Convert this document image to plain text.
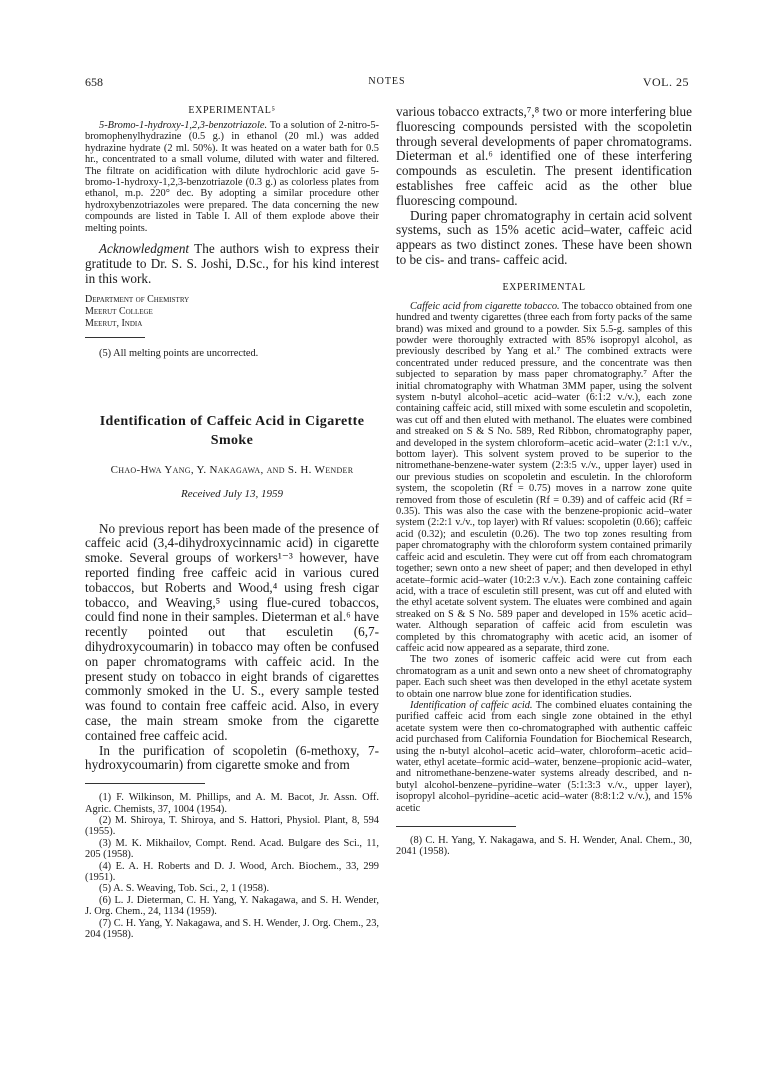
658	NOTES	VOL. 25

EXPERIMENTAL⁵

5-Bromo-1-hydroxy-1,2,3-benzotriazole. To a solution of 2-nitro-5-bromophenylhydrazine (0.5 g.) in ethanol (20 ml.) was added hydrazine hydrate (2 ml. 50%). It was heated on a water bath for 0.5 hr., concentrated to a small volume, diluted with water and filtered. The filtrate on acidification with dilute hydrochloric acid gave 5-bromo-1-hydroxy-1,2,3-benzotriazole (0.3 g.) as colorless plates from ethanol, m.p. 220° dec. By adopting a similar procedure other hydroxybenzotriazoles were prepared. The data concerning the new compounds are listed in Table I. All of them explode above their melting points.

Acknowledgment The authors wish to express their gratitude to Dr. S. S. Joshi, D.Sc., for his kind interest in this work.

Department of Chemistry
Meerut College
Meerut, India

(5) All melting points are uncorrected.

Identification of Caffeic Acid in Cigarette
Smoke

Chao-Hwa Yang, Y. Nakagawa, and S. H. Wender

Received July 13, 1959

No previous report has been made of the presence of caffeic acid (3,4-dihydroxycinnamic acid) in cigarette smoke. Several groups of workers¹⁻³ however, have reported finding free caffeic acid in various cured tobaccos, but Roberts and Wood,⁴ using fresh cigar tobacco, and Weaving,⁵ using flue-cured tobaccos, could find none in their samples. Dieterman et al.⁶ have recently pointed out that esculetin (6,7-dihydroxycoumarin) in tobacco may often be confused on paper chromatograms with caffeic acid. In the present study on tobacco in eight brands of cigarettes commonly smoked in the U. S., every sample tested was found to contain free caffeic acid. Also, in every case, the main stream smoke from the cigarette contained free caffeic acid.

In the purification of scopoletin (6-methoxy, 7-hydroxycoumarin) from cigarette smoke and from

(1) F. Wilkinson, M. Phillips, and A. M. Bacot, Jr. Assn. Off. Agric. Chemists, 37, 1004 (1954).

(2) M. Shiroya, T. Shiroya, and S. Hattori, Physiol. Plant, 8, 594 (1955).

(3) M. K. Mikhailov, Compt. Rend. Acad. Bulgare des Sci., 11, 205 (1958).

(4) E. A. H. Roberts and D. J. Wood, Arch. Biochem., 33, 299 (1951).

(5) A. S. Weaving, Tob. Sci., 2, 1 (1958).

(6) L. J. Dieterman, C. H. Yang, Y. Nakagawa, and S. H. Wender, J. Org. Chem., 24, 1134 (1959).

(7) C. H. Yang, Y. Nakagawa, and S. H. Wender, J. Org. Chem., 23, 204 (1958).

various tobacco extracts,⁷,⁸ two or more interfering blue fluorescing compounds persisted with the scopoletin through several developments of paper chromatograms. Dieterman et al.⁶ identified one of these interfering compounds as esculetin. The present identification establishes free caffeic acid as the other blue fluorescing compound.

During paper chromatography in certain acid solvent systems, such as 15% acetic acid–water, caffeic acid appears as two distinct zones. These have been shown to be cis- and trans- caffeic acid.

EXPERIMENTAL

Caffeic acid from cigarette tobacco. The tobacco obtained from one hundred and twenty cigarettes (three each from forty packs of the same brand) was mixed and ground to a powder. Six 5.5-g. samples of this powder were thoroughly extracted with 85% isopropyl alcohol, as previously described by Yang et al.⁷ The combined extracts were concentrated under reduced pressure, and the concentrate was then subjected to separation by mass paper chromatography.⁷ After the initial chromatography with Whatman 3MM paper, using the solvent system n-butyl alcohol–acetic acid–water (6:1:2 v./v.), each zone containing caffeic acid, still mixed with some esculetin and scopoletin, was cut off and then eluted with methanol. The eluates were combined and streaked on S & S No. 589, Red Ribbon, chromatography paper, and developed in the system chloroform–acetic acid–water (2:1:1 v./v., bottom layer). This solvent system proved to be superior to the nitromethane-benzene-water system (2:3:5 v./v., upper layer) used in our previous studies on scopoletin and esculetin. In the chloroform system, the scopoletin (Rf = 0.75) moves in a narrow zone quite removed from those of esculetin (Rf = 0.39) and of caffeic acid (Rf = 0.35). This was also the case with the benzene-propionic acid–water system (2:2:1 v./v., top layer) with Rf values: scopoletin (0.66); caffeic acid (0.32); and esculetin (0.26). The two top zones resulting from paper chromatography with the chloroform system contained primarily caffeic acid and esculetin. They were cut off from each chromatogram together; sewn onto a new sheet of paper; and then developed in ethyl acetate–formic acid–water (10:2:3 v./v.). Each zone containing caffeic acid, with a trace of esculetin still present, was cut off and eluted with the ethyl acetate solvent system. The eluates were combined and again streaked on S & S No. 589 paper and developed in 15% acetic acid–water. Although separation of caffeic acid from esculetin was completed by this chromatography with acetic acid, an isomer of caffeic acid now appeared as a separate, third zone.

The two zones of isomeric caffeic acid were cut from each chromatogram as a unit and sewn onto a new sheet of chromatography paper. Each such sheet was then developed in the ethyl acetate system to obtain one narrow blue zone for identification studies.

Identification of caffeic acid. The combined eluates containing the purified caffeic acid from each single zone obtained in the ethyl acetate system were then co-chromatographed with authentic caffeic acid purchased from California Foundation for Biochemical Research, using the n-butyl alcohol–acetic acid–water, chloroform–acetic acid–water, ethyl acetate–formic acid–water, benzene–propionic acid–water, and nitromethane-benzene-water systems already described, and n-butyl alcohol-benzene–pyridine–water (5:1:3:3 v./v., upper layer), isopropyl alcohol–pyridine–acetic acid–water (8:8:1:2 v./v.), and 15% acetic

(8) C. H. Yang, Y. Nakagawa, and S. H. Wender, Anal. Chem., 30, 2041 (1958).
